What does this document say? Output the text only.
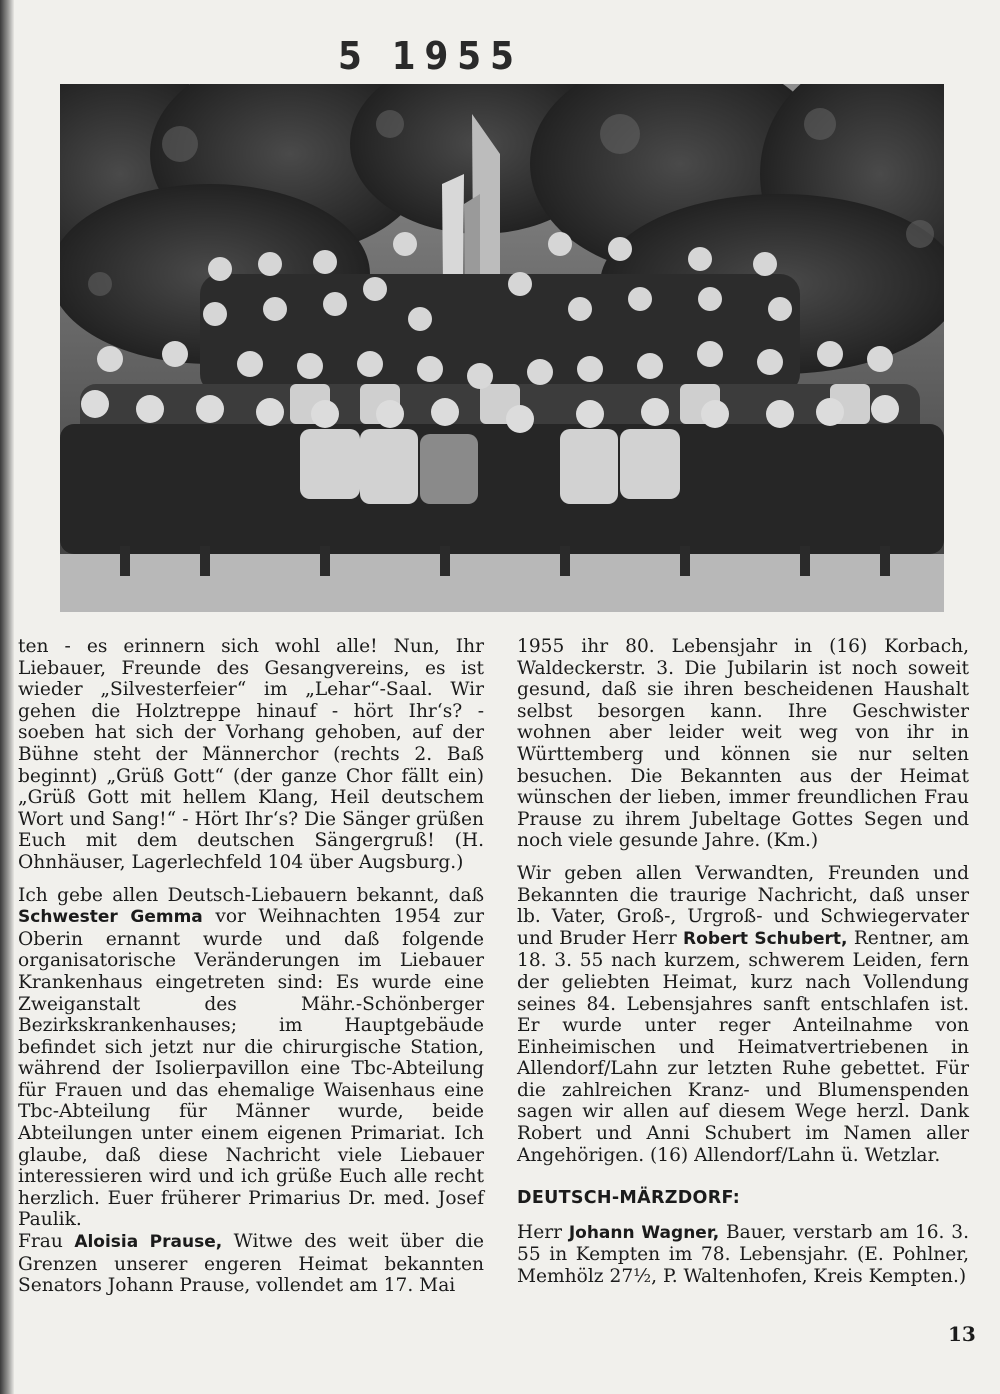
5 1955

ten - es erinnern sich wohl alle! Nun, Ihr Liebauer, Freunde des Gesangvereins, es ist wieder „Silvesterfeier“ im „Lehar“-Saal. Wir gehen die Holztreppe hinauf - hört Ihr‘s? - soeben hat sich der Vorhang gehoben, auf der Bühne steht der Männerchor (rechts 2. Baß beginnt) „Grüß Gott“ (der ganze Chor fällt ein) „Grüß Gott mit hellem Klang, Heil deutschem Wort und Sang!“ - Hört Ihr‘s? Die Sänger grüßen Euch mit dem deutschen Sängergruß! (H. Ohnhäuser, Lagerlechfeld 104 über Augsburg.)

Ich gebe allen Deutsch-Liebauern bekannt, daß Schwester Gemma vor Weihnachten 1954 zur Oberin ernannt wurde und daß folgende organisatorische Veränderungen im Liebauer Krankenhaus eingetreten sind: Es wurde eine Zweiganstalt des Mähr.-Schönberger Bezirkskrankenhauses; im Hauptgebäude befindet sich jetzt nur die chirurgische Station, während der Isolierpavillon eine Tbc-Abteilung für Frauen und das ehemalige Waisenhaus eine Tbc-Abteilung für Männer wurde, beide Abteilungen unter einem eigenen Primariat. Ich glaube, daß diese Nachricht viele Liebauer interessieren wird und ich grüße Euch alle recht herzlich. Euer früherer Primarius Dr. med. Josef Paulik.

Frau Aloisia Prause, Witwe des weit über die Grenzen unserer engeren Heimat bekannten Senators Johann Prause, vollendet am 17. Mai

1955 ihr 80. Lebensjahr in (16) Korbach, Waldeckerstr. 3. Die Jubilarin ist noch soweit gesund, daß sie ihren bescheidenen Haushalt selbst besorgen kann. Ihre Geschwister wohnen aber leider weit weg von ihr in Württemberg und können sie nur selten besuchen. Die Bekannten aus der Heimat wünschen der lieben, immer freundlichen Frau Prause zu ihrem Jubeltage Gottes Segen und noch viele gesunde Jahre. (Km.)

Wir geben allen Verwandten, Freunden und Bekannten die traurige Nachricht, daß unser lb. Vater, Groß-, Urgroß- und Schwiegervater und Bruder Herr Robert Schubert, Rentner, am 18. 3. 55 nach kurzem, schwerem Leiden, fern der geliebten Heimat, kurz nach Vollendung seines 84. Lebensjahres sanft entschlafen ist. Er wurde unter reger Anteilnahme von Einheimischen und Heimatvertriebenen in Allendorf/Lahn zur letzten Ruhe gebettet. Für die zahlreichen Kranz- und Blumenspenden sagen wir allen auf diesem Wege herzl. Dank Robert und Anni Schubert im Namen aller Angehörigen. (16) Allendorf/Lahn ü. Wetzlar.

DEUTSCH-MÄRZDORF:

Herr Johann Wagner, Bauer, verstarb am 16. 3. 55 in Kempten im 78. Lebensjahr. (E. Pohlner, Memhölz 27½, P. Waltenhofen, Kreis Kempten.)

13
